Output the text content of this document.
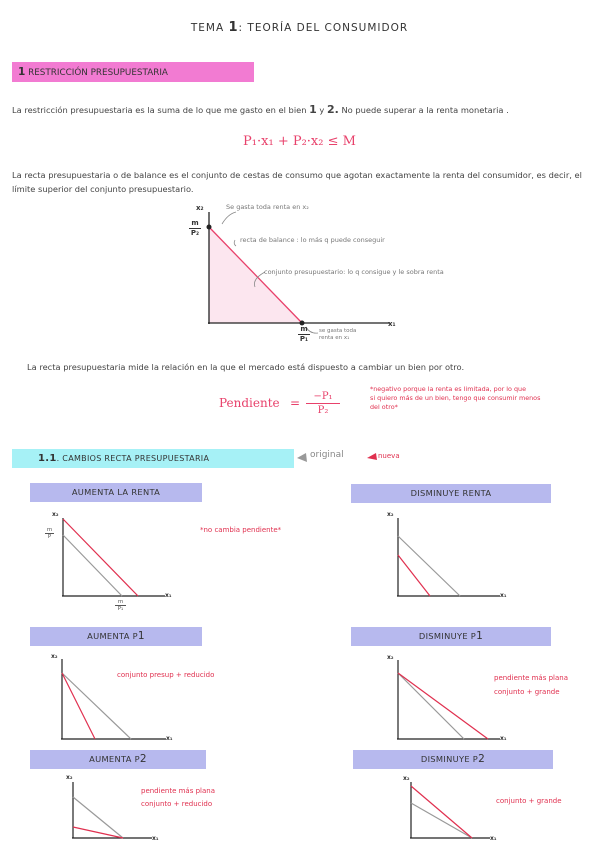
TEMA 1: TEORÍA DEL CONSUMIDOR
1 RESTRICCIÓN PRESUPUESTARIA
La restricción presupuestaria es la suma de lo que me gasto en el bien 1 y 2. No puede superar a la renta monetaria .
P₁·x₁ + P₂·x₂ ≤ M
La recta presupuestaria o de balance es el conjunto de cestas de consumo que agotan exactamente la renta del consumidor, es decir, el límite superior del conjunto presupuestario.
x₂
x₁
$\frac{m}{\text{P₂}}$
$\frac{m}{\text{P₁}}$
Se gasta toda renta en x₂
recta de balance : lo más q puede conseguir
conjunto presupuestario: lo q consigue y le sobra renta
se gasta toda
renta en x₁
La recta presupuestaria mide la relación en la que el mercado está dispuesto a cambiar un bien por otro.
Pendiente = $\frac{\text{−P₁}}{\text{P₂}}$
*negativo porque la renta es limitada, por lo que
si quiero más de un bien, tengo que consumir menos
del otro*
1.1. CAMBIOS RECTA PRESUPUESTARIA	original	nueva
AUMENTA LA RENTA	DISMINUYE RENTA
AUMENTA P1	DISMINUYE P1
AUMENTA P2	DISMINUYE P2
x₂
x₁
x₂
x₁
x₂
x₁
x₂
x₁
x₂
x₁
x₂
x₁
$\frac{m}{P}$
$\frac{m}{\text{P₁}}$
*no cambia pendiente*
conjunto presup + reducido	pendiente más plana
conjunto + grande
pendiente más plana
conjunto + reducido	conjunto + grande
